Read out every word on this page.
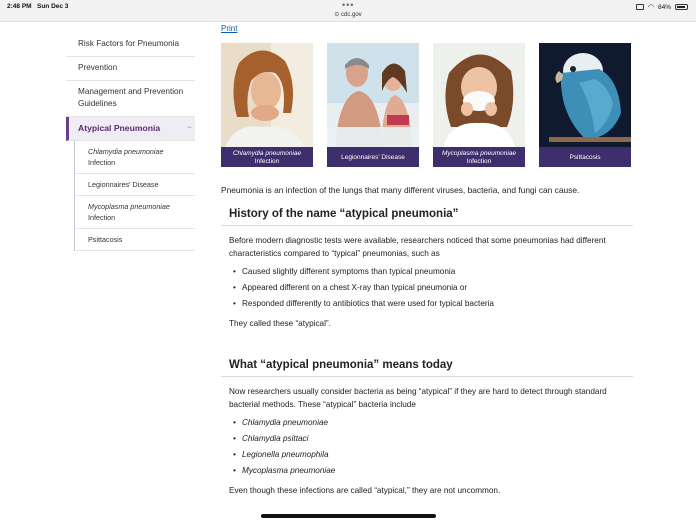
2:48 PM Sun Dec 3	•••
⊙ cdc.gov
◠ 84%
Risk Factors for Pneumonia
Prevention
Management and Prevention Guidelines
Atypical Pneumonia	−
Chlamydia pneumoniae
Infection
Legionnaires' Disease
Mycoplasma pneumoniae
Infection
Psittacosis
Print
Chlamydia pneumoniae
Infection
Legionnaires' Disease
Mycoplasma pneumoniae
Infection
Psittacosis

Pneumonia is an infection of the lungs that many different viruses, bacteria, and fungi can cause.

History of the name “atypical pneumonia”

Before modern diagnostic tests were available, researchers noticed that some pneumonias had different characteristics compared to “typical” pneumonias, such as

• Caused slightly different symptoms than typical pneumonia
• Appeared different on a chest X-ray than typical pneumonia or
• Responded differently to antibiotics that were used for typical bacteria

They called these “atypical”.

What “atypical pneumonia” means today

Now researchers usually consider bacteria as being “atypical” if they are hard to detect through standard bacterial methods. These “atypical” bacteria include

• Chlamydia pneumoniae
• Chlamydia psittaci
• Legionella pneumophila
• Mycoplasma pneumoniae

Even though these infections are called “atypical,” they are not uncommon.
